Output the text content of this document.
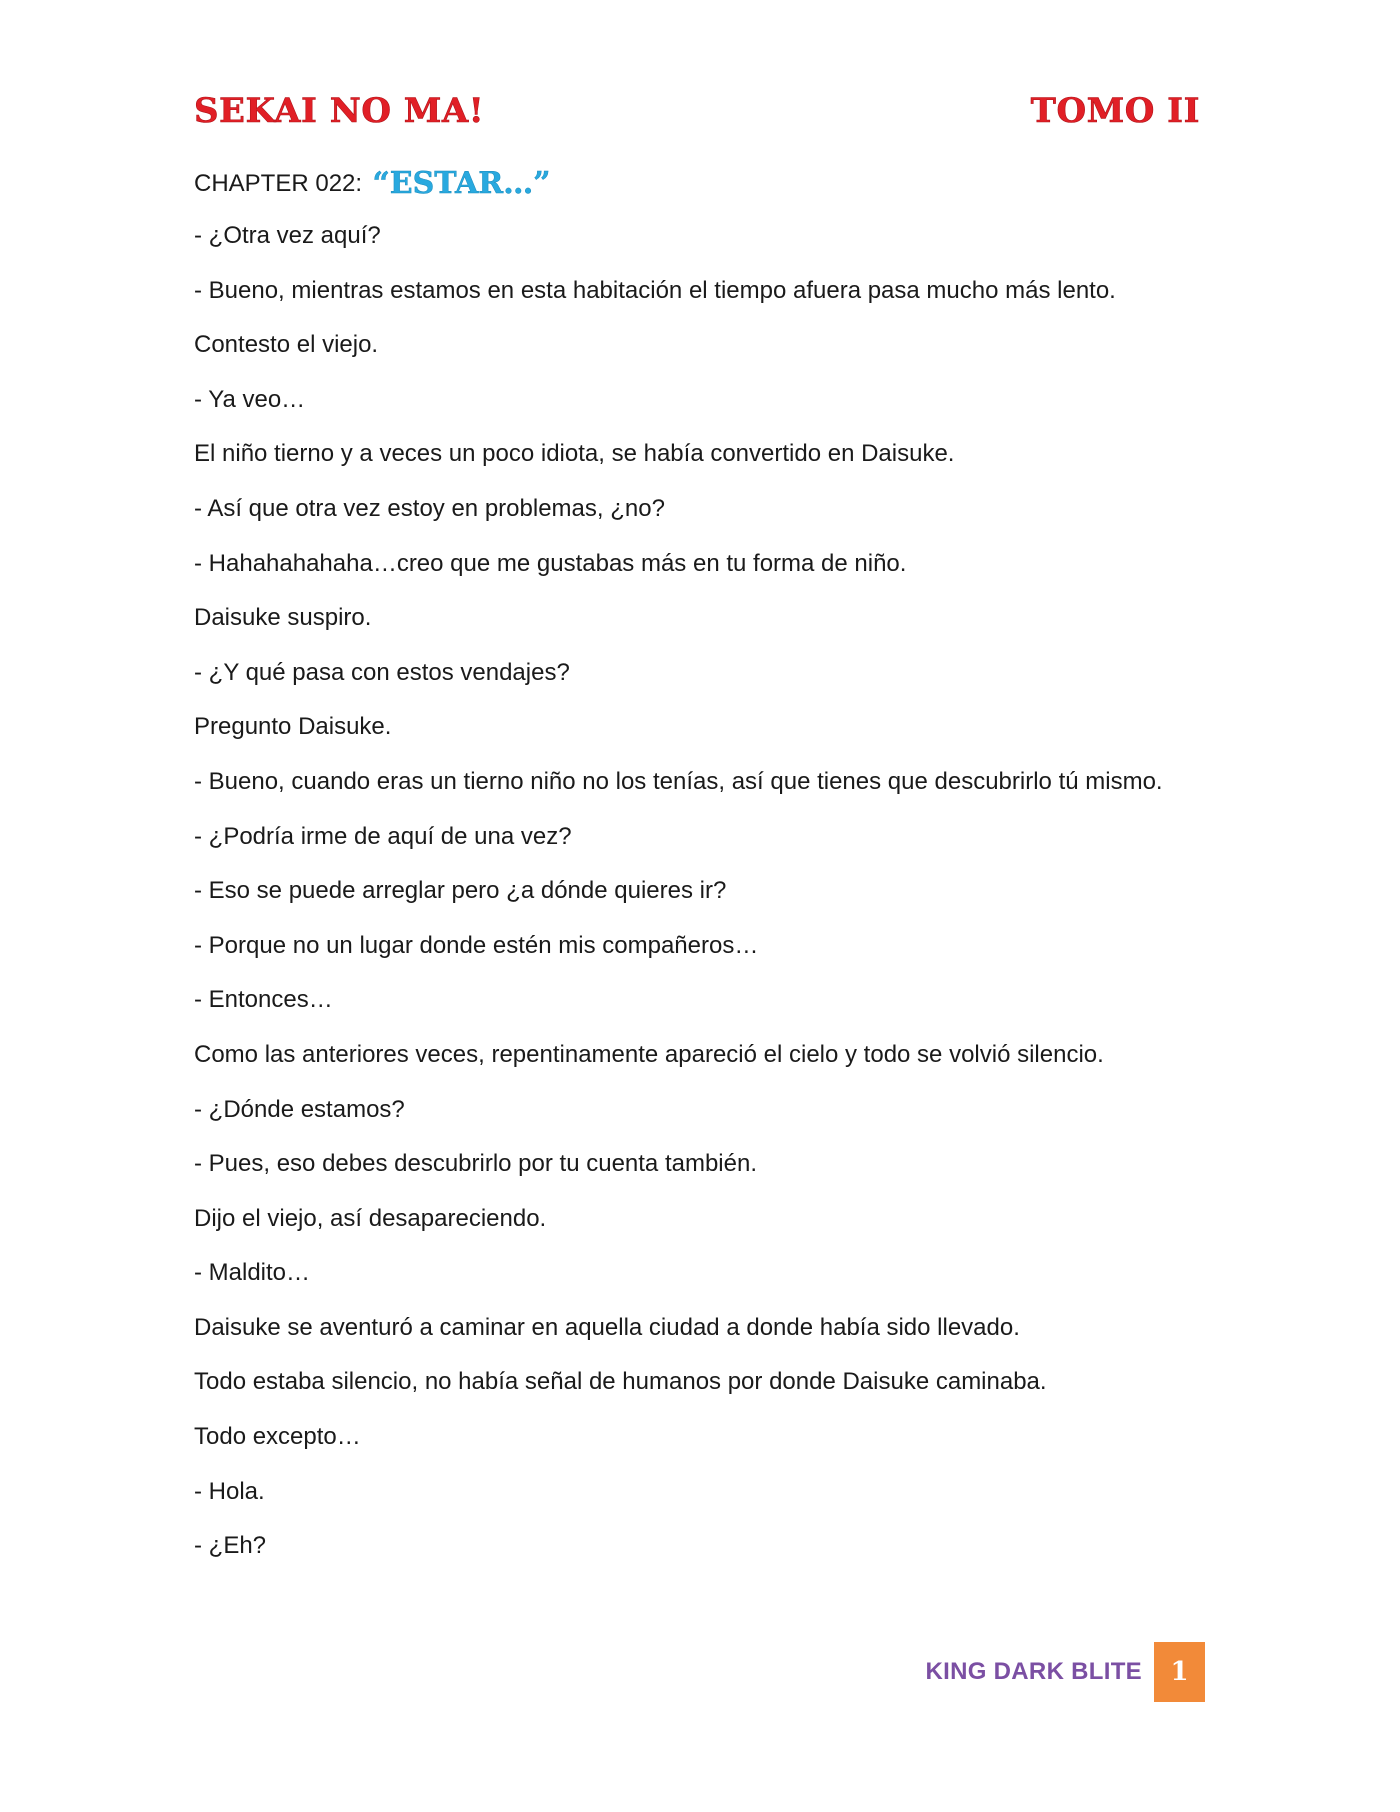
SEKAI NO MA!	TOMO II
CHAPTER 022: “ESTAR…”
- ¿Otra vez aquí?
- Bueno, mientras estamos en esta habitación el tiempo afuera pasa mucho más lento.
Contesto el viejo.
- Ya veo…
El niño tierno y a veces un poco idiota, se había convertido en Daisuke.
- Así que otra vez estoy en problemas, ¿no?
- Hahahahahaha…creo que me gustabas más en tu forma de niño.
Daisuke suspiro.
- ¿Y qué pasa con estos vendajes?
Pregunto Daisuke.
- Bueno, cuando eras un tierno niño no los tenías, así que tienes que descubrirlo tú mismo.
- ¿Podría irme de aquí de una vez?
- Eso se puede arreglar pero ¿a dónde quieres ir?
- Porque no un lugar donde estén mis compañeros…
- Entonces…
Como las anteriores veces, repentinamente apareció el cielo y todo se volvió silencio.
- ¿Dónde estamos?
- Pues, eso debes descubrirlo por tu cuenta también.
Dijo el viejo, así desapareciendo.
- Maldito…
Daisuke se aventuró a caminar en aquella ciudad a donde había sido llevado.
Todo estaba silencio, no había señal de humanos por donde Daisuke caminaba.
Todo excepto…
- Hola.
- ¿Eh?
KING DARK BLITE	1
